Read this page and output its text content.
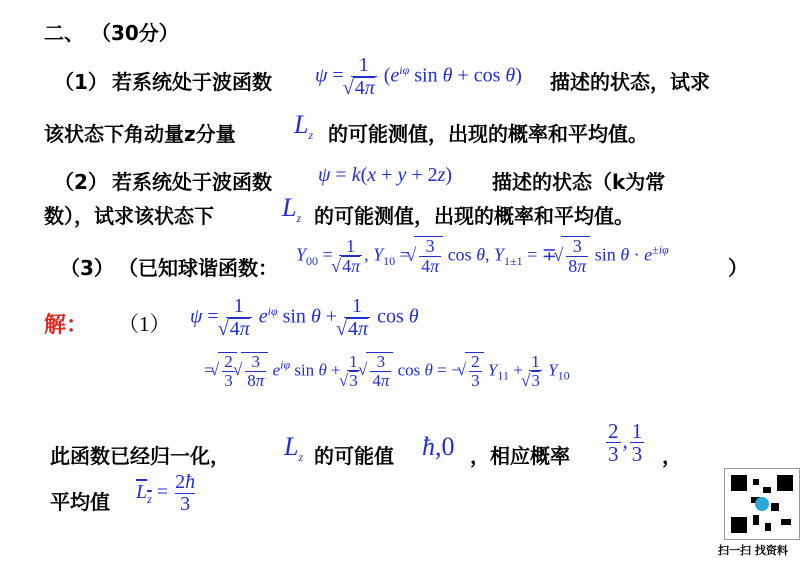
二、 （30分）
（1） 若系统处于波函数 ψ = 1
√ 4π ($e^{i\varphi}$ sin θ + cos θ) 描述的状态，试求
该状态下角动量z分量 $L_z$ 的可能测值，出现的概率和平均值。
（2） 若系统处于波函数 ψ = k(x + y + 2z) 描述的状态（k为常
数），试求该状态下	$L_z$ 的可能测值，出现的概率和平均值。
（3） （已知球谐函数：
$Y_{00} = 1$
√ 4π , $Y_{10}$ = √ $\frac{3}{4\pi}$ cos θ, $Y_{1\pm 1}$ = ∓ √ $\frac{3}{8\pi}$ $\sin \theta \cdot e^{\pm i\varphi}$
）
解： （1） ψ = 1
√ 4π $e^{i\varphi}$ sin θ + 1
√ 4π cos θ
= √ $\frac{2}{3}$
√ $\frac{3}{8\pi} e^{i\varphi}$ sin θ + 1
√ 3
√ $\frac{3}{4\pi}$ cos θ = − √ $\frac{2}{3} Y_{11} + 1$
√ 3 $Y_{10}$
此函数已经归一化， $L_z$ 的可能值 ħ,0 ，相应概率 $\frac{2}{3}$ , $\frac{1}{3}$ ，
平均值 $L_z = \frac{2ħ}{3}$
扫一扫 找资料
